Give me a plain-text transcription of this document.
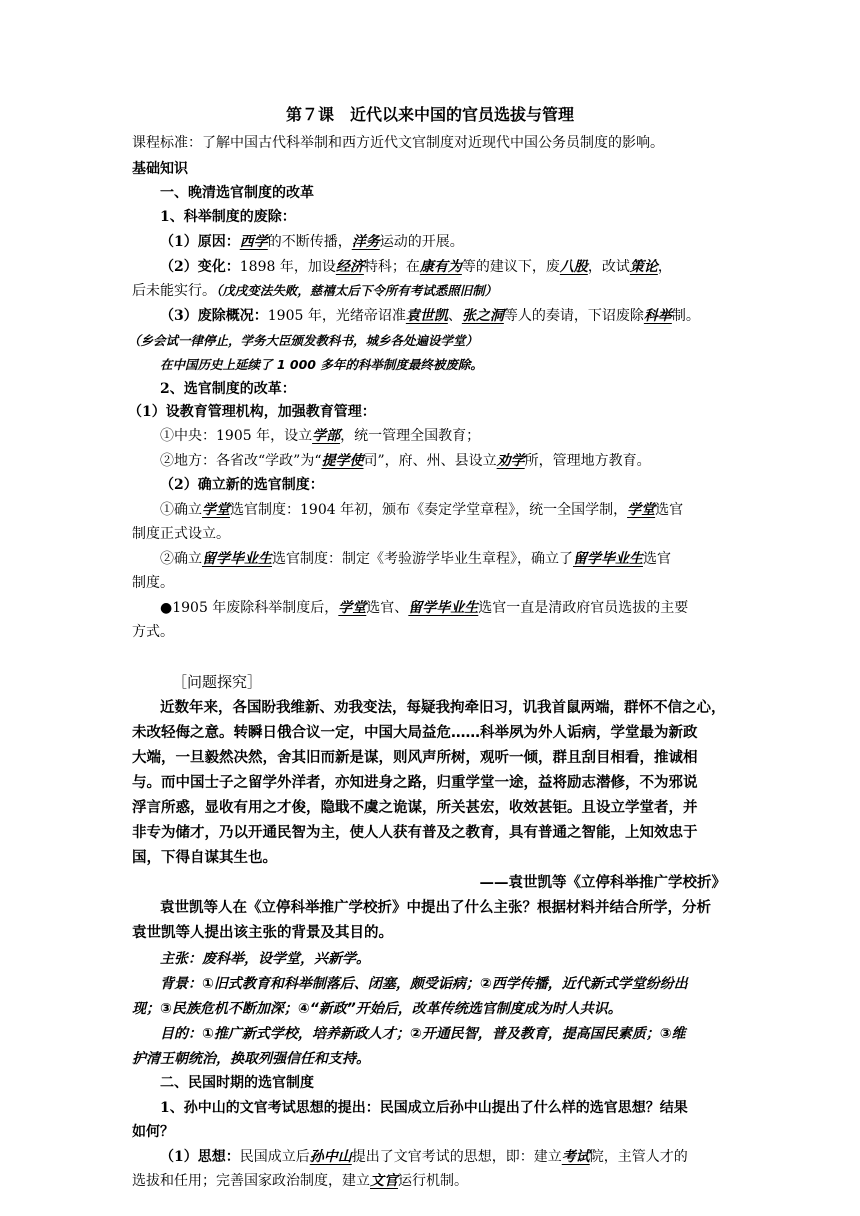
第７课　近代以来中国的官员选拔与管理
课程标准：了解中国古代科举制和西方近代文官制度对近现代中国公务员制度的影响。
基础知识
一、晚清选官制度的改革
1、科举制度的废除：
（1）原因：西学的不断传播，洋务运动的开展。
（2）变化：1898 年，加设经济特科；在康有为等的建议下，废八股，改试策论，
后未能实行。（戊戌变法失败，慈禧太后下令所有考试悉照旧制）
（3）废除概况：1905 年，光绪帝诏准袁世凯、张之洞等人的奏请，下诏废除科举制。
（乡会试一律停止，学务大臣颁发教科书，城乡各处遍设学堂）
在中国历史上延续了 1 000 多年的科举制度最终被废除。
2、选官制度的改革：
（1）设教育管理机构，加强教育管理：
①中央：1905 年，设立学部，统一管理全国教育；
②地方：各省改“学政”为“提学使司”，府、州、县设立劝学所，管理地方教育。
（2）确立新的选官制度：
①确立学堂选官制度：1904 年初，颁布《奏定学堂章程》，统一全国学制，学堂选官
制度正式设立。
②确立留学毕业生选官制度：制定《考验游学毕业生章程》，确立了留学毕业生选官
制度。
●1905 年废除科举制度后，学堂选官、留学毕业生选官一直是清政府官员选拔的主要
方式。
［问题探究］
近数年来，各国盼我维新、劝我变法，每疑我拘牵旧习，讥我首鼠两端，群怀不信之心，
未改轻侮之意。转瞬日俄合议一定，中国大局益危……科举夙为外人诟病，学堂最为新政
大端，一旦毅然决然，舍其旧而新是谋，则风声所树，观听一倾，群且刮目相看，推诚相
与。而中国士子之留学外洋者，亦知进身之路，归重学堂一途，益将励志潜修，不为邪说
浮言所惑，显收有用之才俊，隐戢不虞之诡谋，所关甚宏，收效甚钜。且设立学堂者，并
非专为储才，乃以开通民智为主，使人人获有普及之教育，具有普通之智能，上知效忠于
国，下得自谋其生也。
——袁世凯等《立停科举推广学校折》
袁世凯等人在《立停科举推广学校折》中提出了什么主张？根据材料并结合所学，分析
袁世凯等人提出该主张的背景及其目的。
主张：废科举，设学堂，兴新学。
背景：①旧式教育和科举制落后、闭塞，颇受诟病；②西学传播，近代新式学堂纷纷出
现；③民族危机不断加深；④“新政”开始后，改革传统选官制度成为时人共识。
目的：①推广新式学校，培养新政人才；②开通民智，普及教育，提高国民素质；③维
护清王朝统治，换取列强信任和支持。
二、民国时期的选官制度
1、孙中山的文官考试思想的提出：民国成立后孙中山提出了什么样的选官思想？结果
如何？
（1）思想：民国成立后孙中山提出了文官考试的思想，即：建立考试院，主管人才的
选拔和任用；完善国家政治制度，建立文官运行机制。
